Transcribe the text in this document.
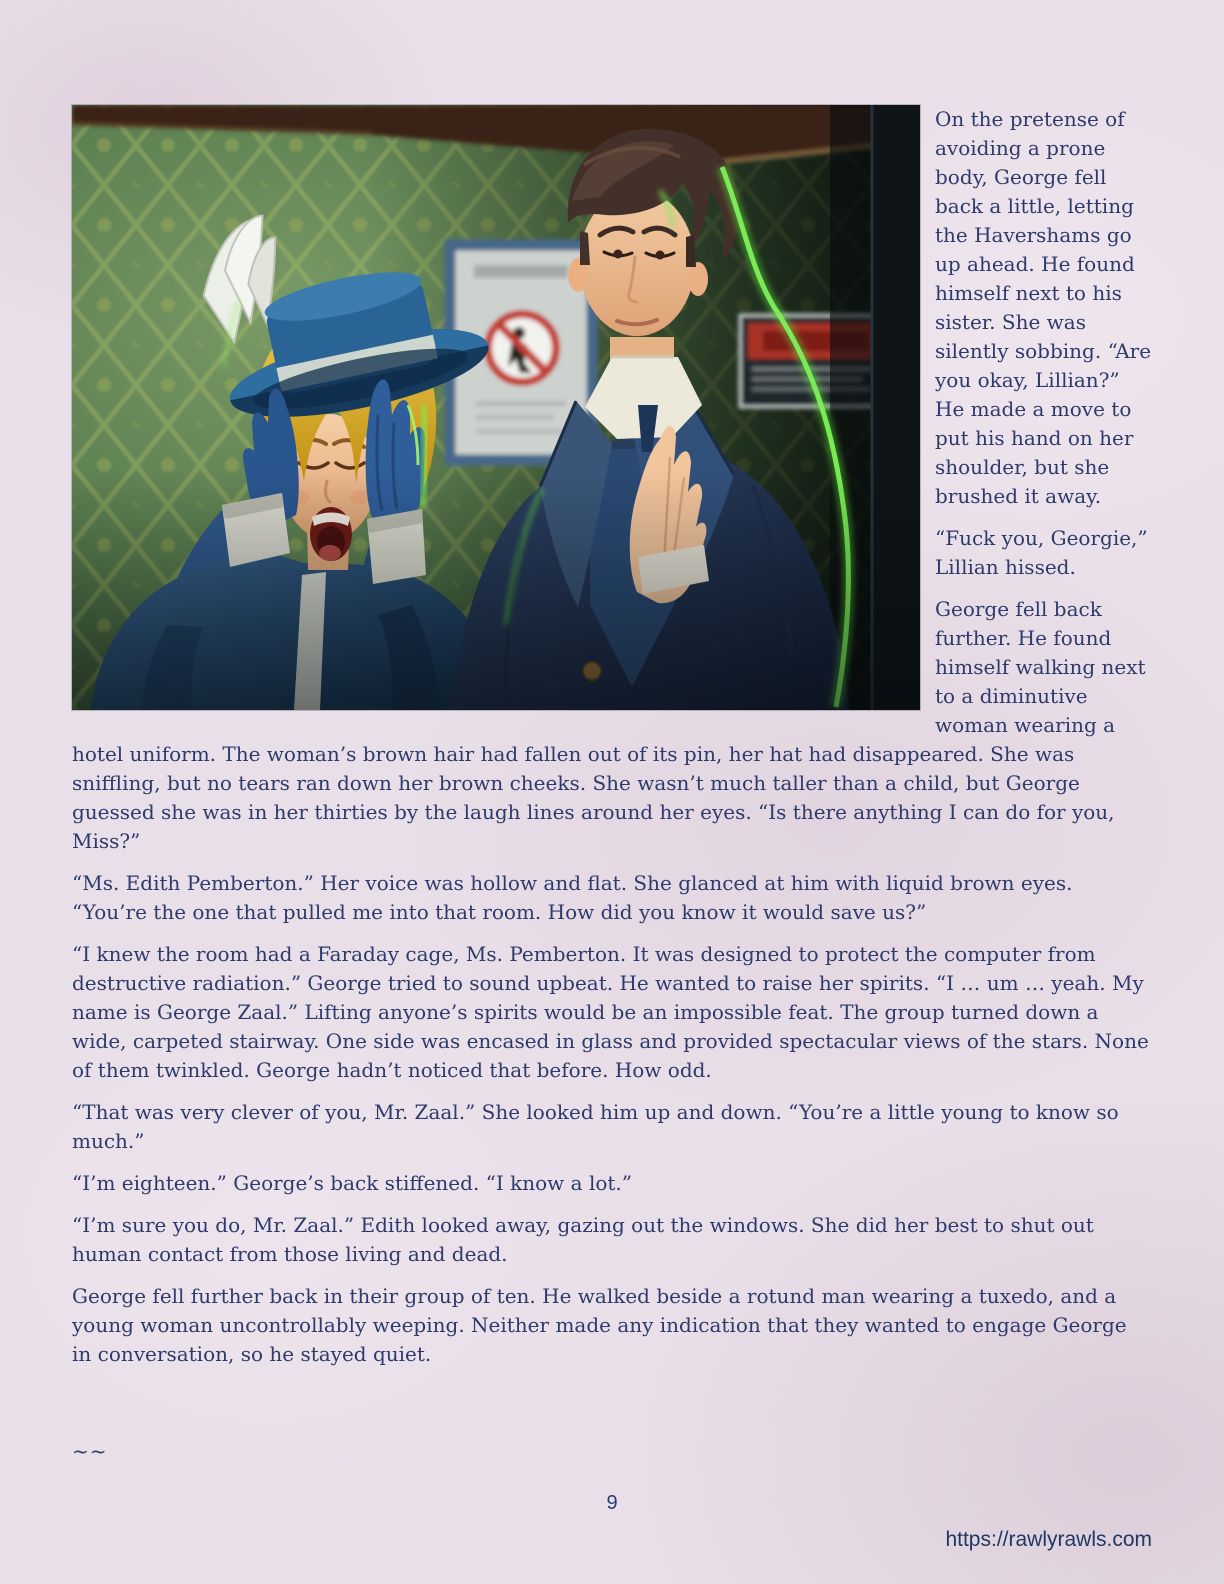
On the pretense of avoiding a prone body, George fell back a little, letting the Havershams go up ahead. He found himself next to his sister. She was silently sobbing. “Are you okay, Lillian?” He made a move to put his hand on her shoulder, but she brushed it away.

“Fuck you, Georgie,” Lillian hissed.

George fell back further. He found himself walking next to a diminutive woman wearing a hotel uniform. The woman’s brown hair had fallen out of its pin, her hat had disappeared. She was sniffling, but no tears ran down her brown cheeks. She wasn’t much taller than a child, but George guessed she was in her thirties by the laugh lines around her eyes. “Is there anything I can do for you, Miss?”

“Ms. Edith Pemberton.” Her voice was hollow and flat. She glanced at him with liquid brown eyes. “You’re the one that pulled me into that room. How did you know it would save us?”

“I knew the room had a Faraday cage, Ms. Pemberton. It was designed to protect the computer from destructive radiation.” George tried to sound upbeat. He wanted to raise her spirits. “I … um … yeah. My name is George Zaal.” Lifting anyone’s spirits would be an impossible feat. The group turned down a wide, carpeted stairway. One side was encased in glass and provided spectacular views of the stars. None of them twinkled. George hadn’t noticed that before. How odd.

“That was very clever of you, Mr. Zaal.” She looked him up and down. “You’re a little young to know so much.”

“I’m eighteen.” George’s back stiffened. “I know a lot.”

“I’m sure you do, Mr. Zaal.” Edith looked away, gazing out the windows. She did her best to shut out human contact from those living and dead.

George fell further back in their group of ten. He walked beside a rotund man wearing a tuxedo, and a young woman uncontrollably weeping. Neither made any indication that they wanted to engage George in conversation, so he stayed quiet.

~~

9
https://rawlyrawls.com
